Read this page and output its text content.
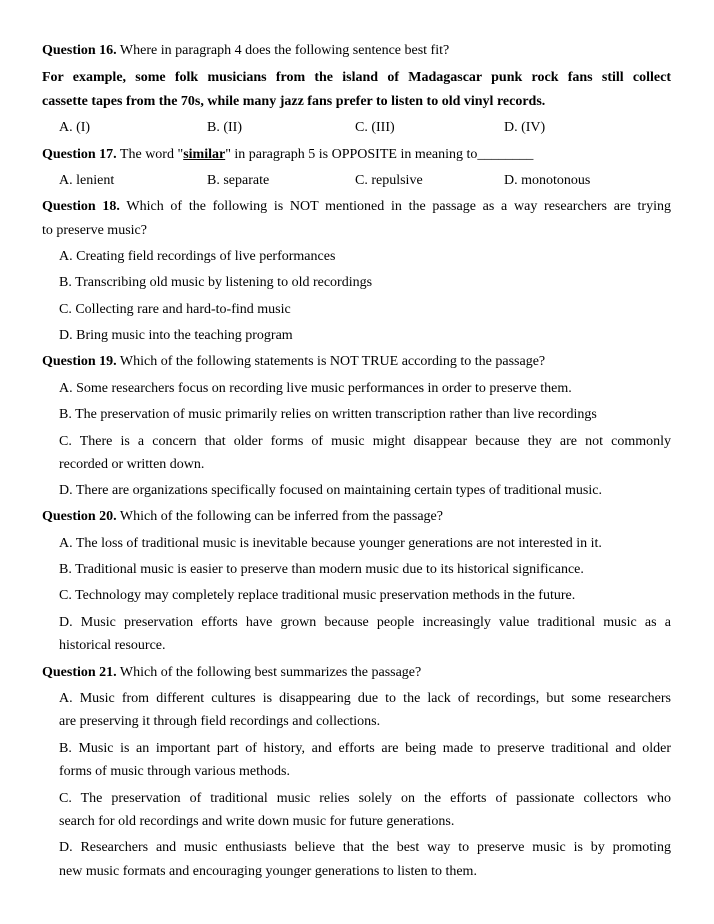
Question 16. Where in paragraph 4 does the following sentence best fit?
For example, some folk musicians from the island of Madagascar punk rock fans still collect
cassette tapes from the 70s, while many jazz fans prefer to listen to old vinyl records.
A. (I)	B. (II)	C. (III)	D. (IV)
Question 17. The word "similar" in paragraph 5 is OPPOSITE in meaning to________
A. lenient	B. separate	C. repulsive	D. monotonous
Question 18. Which of the following is NOT mentioned in the passage as a way researchers are trying
to preserve music?
A. Creating field recordings of live performances
B. Transcribing old music by listening to old recordings
C. Collecting rare and hard-to-find music
D. Bring music into the teaching program
Question 19. Which of the following statements is NOT TRUE according to the passage?
A. Some researchers focus on recording live music performances in order to preserve them.
B. The preservation of music primarily relies on written transcription rather than live recordings
C. There is a concern that older forms of music might disappear because they are not commonly
recorded or written down.
D. There are organizations specifically focused on maintaining certain types of traditional music.
Question 20. Which of the following can be inferred from the passage?
A. The loss of traditional music is inevitable because younger generations are not interested in it.
B. Traditional music is easier to preserve than modern music due to its historical significance.
C. Technology may completely replace traditional music preservation methods in the future.
D. Music preservation efforts have grown because people increasingly value traditional music as a
historical resource.
Question 21. Which of the following best summarizes the passage?
A. Music from different cultures is disappearing due to the lack of recordings, but some researchers
are preserving it through field recordings and collections.
B. Music is an important part of history, and efforts are being made to preserve traditional and older
forms of music through various methods.
C. The preservation of traditional music relies solely on the efforts of passionate collectors who
search for old recordings and write down music for future generations.
D. Researchers and music enthusiasts believe that the best way to preserve music is by promoting
new music formats and encouraging younger generations to listen to them.
